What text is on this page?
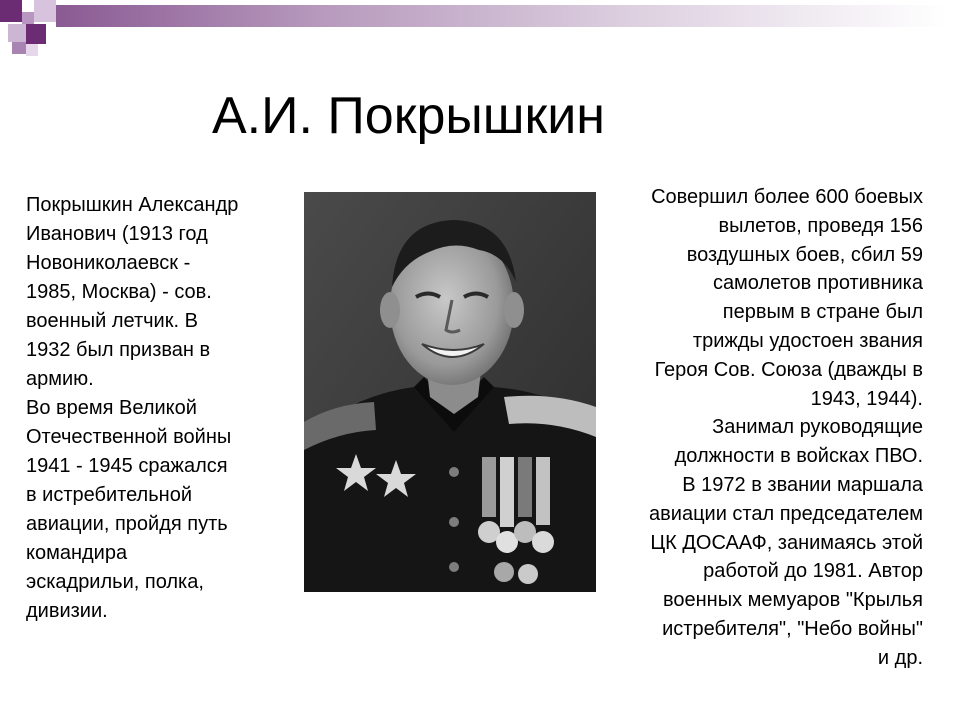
А.И. Покрышкин
Покрышкин Александр
Иванович (1913 год
Новониколаевск -
1985, Москва) - сов.
военный летчик. В
1932 был призван в
армию.
Во время Великой
Отечественной войны
1941 - 1945 сражался
в истребительной
авиации, пройдя путь
командира
эскадрильи, полка,
дивизии.
Совершил более 600 боевых
вылетов, проведя 156
воздушных боев, сбил 59
самолетов противника
первым в стране был
трижды удостоен звания
Героя Сов. Союза (дважды в
1943, 1944).
Занимал руководящие
должности в войсках ПВО.
В 1972 в звании маршала
авиации стал председателем
ЦК ДОСААФ, занимаясь этой
работой до 1981. Автор
военных мемуаров "Крылья
истребителя", "Небо войны"
и др.
